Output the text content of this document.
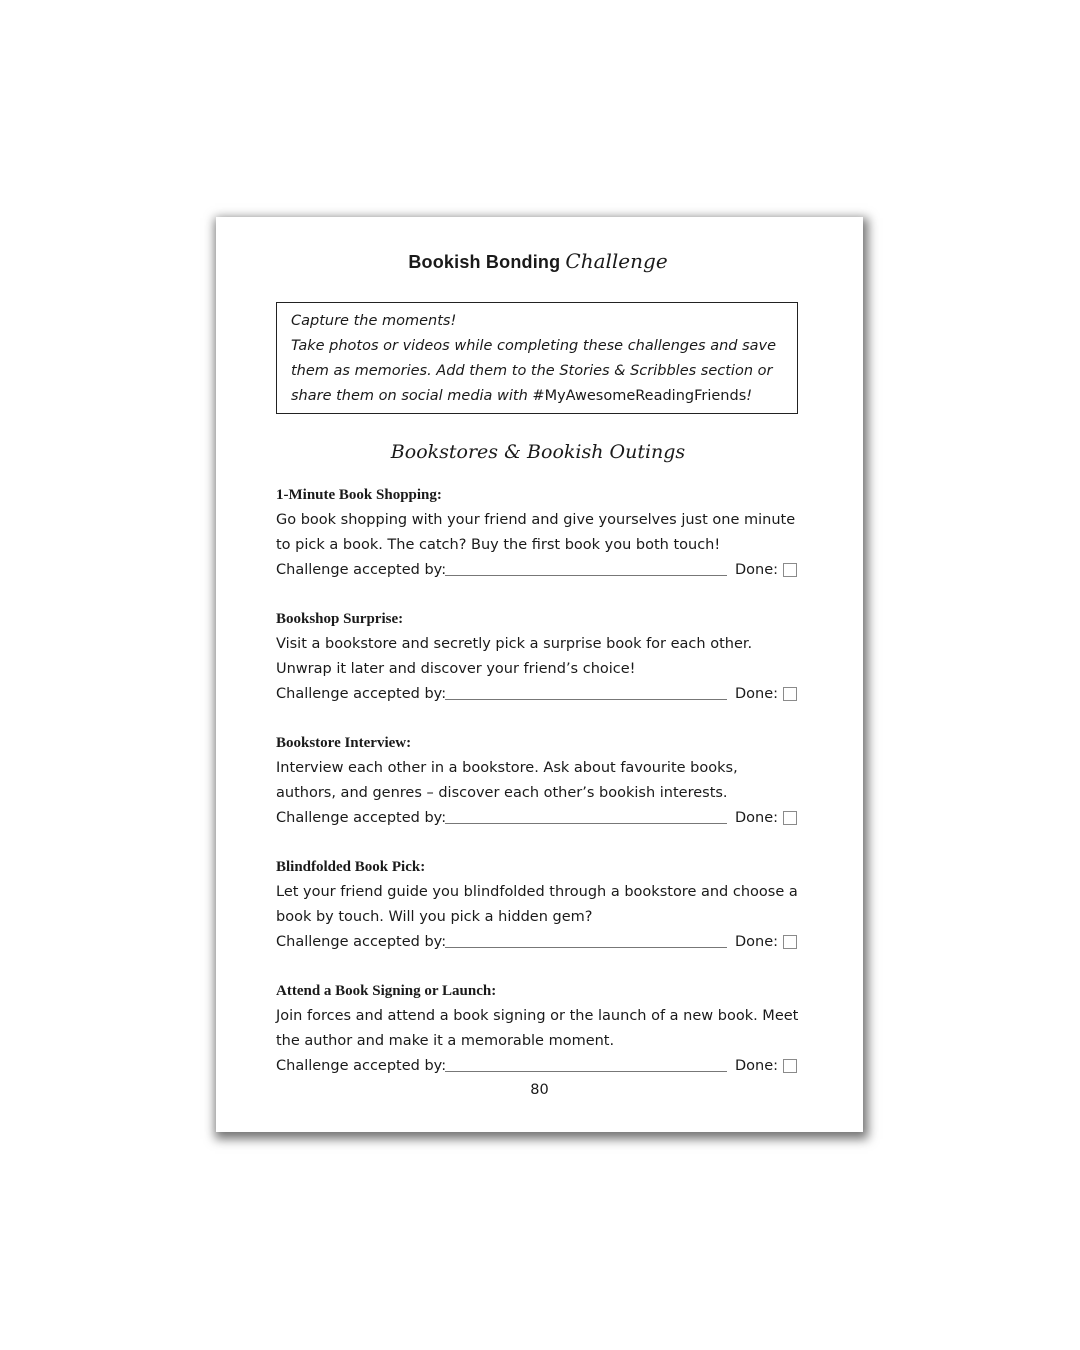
Bookish Bonding Challenge
Capture the moments!
Take photos or videos while completing these challenges and save them as memories. Add them to the Stories & Scribbles section or share them on social media with #MyAwesomeReadingFriends!
Bookstores & Bookish Outings
1-Minute Book Shopping:
Go book shopping with your friend and give yourselves just one minute to pick a book. The catch? Buy the first book you both touch!
Challenge accepted by:	Done:
Bookshop Surprise:
Visit a bookstore and secretly pick a surprise book for each other. Unwrap it later and discover your friend’s choice!
Challenge accepted by:	Done:
Bookstore Interview:
Interview each other in a bookstore. Ask about favourite books, authors, and genres – discover each other’s bookish interests.
Challenge accepted by:	Done:
Blindfolded Book Pick:
Let your friend guide you blindfolded through a bookstore and choose a book by touch. Will you pick a hidden gem?
Challenge accepted by:	Done:
Attend a Book Signing or Launch:
Join forces and attend a book signing or the launch of a new book. Meet the author and make it a memorable moment.
Challenge accepted by:	Done:
80
